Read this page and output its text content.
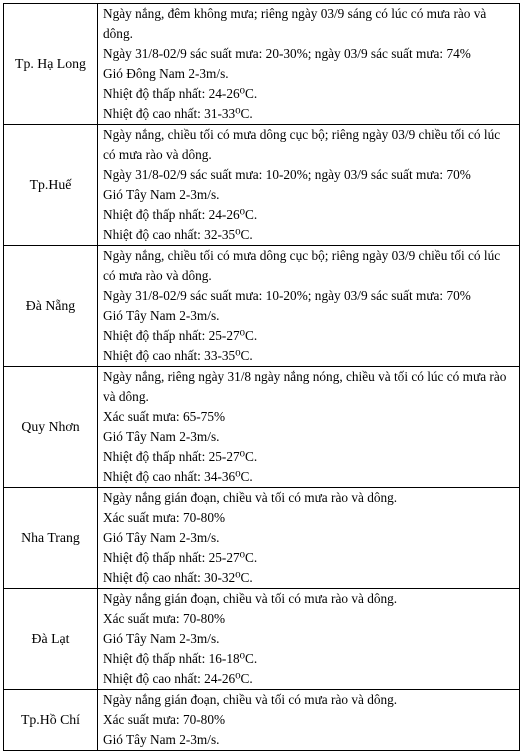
Tp. Hạ Long	Ngày nắng, đêm không mưa; riêng ngày 03/9 sáng có lúc có mưa rào và dông.
Ngày 31/8-02/9 sác suất mưa: 20-30%; ngày 03/9 sác suất mưa: 74%
Gió Đông Nam 2-3m/s.
Nhiệt độ thấp nhất: 24-26⁰C.
Nhiệt độ cao nhất: 31-33⁰C.

Tp.Huế	Ngày nắng, chiều tối có mưa dông cục bộ; riêng ngày 03/9 chiều tối có lúc có mưa rào và dông.
Ngày 31/8-02/9 sác suất mưa: 10-20%; ngày 03/9 sác suất mưa: 70%
Gió Tây Nam 2-3m/s.
Nhiệt độ thấp nhất: 24-26⁰C.
Nhiệt độ cao nhất: 32-35⁰C.

Đà Nẵng	Ngày nắng, chiều tối có mưa dông cục bộ; riêng ngày 03/9 chiều tối có lúc có mưa rào và dông.
Ngày 31/8-02/9 sác suất mưa: 10-20%; ngày 03/9 sác suất mưa: 70%
Gió Tây Nam 2-3m/s.
Nhiệt độ thấp nhất: 25-27⁰C.
Nhiệt độ cao nhất: 33-35⁰C.

Quy Nhơn	Ngày nắng, riêng ngày 31/8 ngày nắng nóng, chiều và tối có lúc có mưa rào và dông.
Xác suất mưa: 65-75%
Gió Tây Nam 2-3m/s.
Nhiệt độ thấp nhất: 25-27⁰C.
Nhiệt độ cao nhất: 34-36⁰C.

Nha Trang	Ngày nắng gián đoạn, chiều và tối có mưa rào và dông.
Xác suất mưa: 70-80%
Gió Tây Nam 2-3m/s.
Nhiệt độ thấp nhất: 25-27⁰C.
Nhiệt độ cao nhất: 30-32⁰C.

Đà Lạt	Ngày nắng gián đoạn, chiều và tối có mưa rào và dông.
Xác suất mưa: 70-80%
Gió Tây Nam 2-3m/s.
Nhiệt độ thấp nhất: 16-18⁰C.
Nhiệt độ cao nhất: 24-26⁰C.

Tp.Hồ Chí	Ngày nắng gián đoạn, chiều và tối có mưa rào và dông.
Xác suất mưa: 70-80%
Gió Tây Nam 2-3m/s.
